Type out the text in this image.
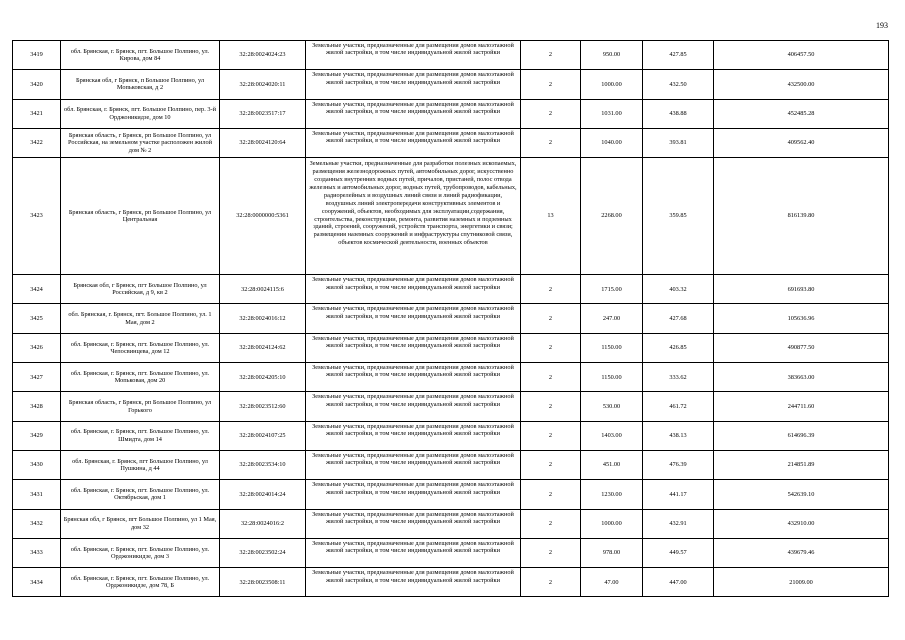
193
3419	обл. Брянская, г. Брянск, пгт. Большое Полпино, ул. Кирова, дом 84	32:28:0024024:23	Земельные участки, предназначенные для размещения домов малоэтажной жилой застройки, в том числе индивидуальной жилой застройки	2	950.00	427.85	406457.50
3420	Брянская обл, г Брянск, п Большое Полпино, ул Мопьковская, д 2	32:28:0024020:11	Земельные участки, предназначенные для размещения домов малоэтажной жилой застройки, в том числе индивидуальной жилой застройки	2	1000.00	432.50	432500.00
3421	обл. Брянская, г. Брянск, пгт. Большое Полпино, пер. 3-й Орджоникидзе, дом 10	32:28:0023517:17	Земельные участки, предназначенные для размещения домов малоэтажной жилой застройки, в том числе индивидуальной жилой застройки	2	1031.00	438.88	452485.28
3422	Брянская область, г Брянск, рп Большое Полпино, ул Российская, на земельном участке расположен жилой дом № 2	32:28:0024120:64	Земельные участки, предназначенные для размещения домов малоэтажной жилой застройки, в том числе индивидуальной жилой застройки	2	1040.00	393.81	409562.40
3423	Брянская область, г Брянск, рп Большое Полпино, ул Центральная	32:28:0000000:5361	Земельные участки, предназначенные для разработки полезных ископаемых, размещения железнодорожных путей, автомобильных дорог, искусственно созданных внутренних водных путей, причалов, пристаней, полос отвода железных и автомобильных дорог, водных путей, трубопроводов, кабельных, радиорелейных и воздушных линий связи и линий радиофикации, воздушных линий электропередачи конструктивных элементов и сооружений, объектов, необходимых для эксплуатации,содержания, строительства, реконструкции, ремонта, развития наземных и подземных зданий, строений, сооружений, устройств транспорта, энергетики и связи; размещения наземных сооружений и инфраструктуры спутниковой связи, объектов космической деятельности, военных объектов	13	2268.00	359.85	816139.80
3424	Брянская обл, г Брянск, пгт Большое Полпино, ул Российская, д 9, кв 2	32:28:0024115:6	Земельные участки, предназначенные для размещения домов малоэтажной жилой застройки, в том числе индивидуальной жилой застройки	2	1715.00	403.32	691693.80
3425	обл. Брянская, г. Брянск, пгт. Большое Полпино, ул. 1 Мая, дом 2	32:28:0024016:12	Земельные участки, предназначенные для размещения домов малоэтажной жилой застройки, в том числе индивидуальной жилой застройки	2	247.00	427.68	105636.96
3426	обл. Брянская, г. Брянск, пгт. Большое Полпино, ул. Чепосвинцева, дом 12	32:28:0024124:62	Земельные участки, предназначенные для размещения домов малоэтажной жилой застройки, в том числе индивидуальной жилой застройки	2	1150.00	426.85	490877.50
3427	обл. Брянская, г. Брянск, пгт. Большое Полпино, ул. Мопьковая, дом 20	32:28:0024205:10	Земельные участки, предназначенные для размещения домов малоэтажной жилой застройки, в том числе индивидуальной жилой застройки	2	1150.00	333.62	383663.00
3428	Брянская область, г Брянск, рп Большое Полпино, ул Горького	32:28:0023512:60	Земельные участки, предназначенные для размещения домов малоэтажной жилой застройки, в том числе индивидуальной жилой застройки	2	530.00	461.72	244711.60
3429	обл. Брянская, г. Брянск, пгт. Большое Полпино, ул. Шмидта, дом 14	32:28:0024107:25	Земельные участки, предназначенные для размещения домов малоэтажной жилой застройки, в том числе индивидуальной жилой застройки	2	1403.00	438.13	614696.39
3430	обл. Брянская, г. Брянск, пгт Большое Полпино, ул Пушкина, д 44	32:28:0023534:10	Земельные участки, предназначенные для размещения домов малоэтажной жилой застройки, в том числе индивидуальной жилой застройки	2	451.00	476.39	214851.89
3431	обл. Брянская, г. Брянск, пгт. Большое Полпино, ул. Октябрьская, дом 1	32:28:0024014:24	Земельные участки, предназначенные для размещения домов малоэтажной жилой застройки, в том числе индивидуальной жилой застройки	2	1230.00	441.17	542639.10
3432	Брянская обл, г Брянск, пгт Большое Полпино, ул 1 Мая, дом 32	32:28:0024016:2	Земельные участки, предназначенные для размещения домов малоэтажной жилой застройки, в том числе индивидуальной жилой застройки	2	1000.00	432.91	432910.00
3433	обл. Брянская, г. Брянск, пгт. Большое Полпино, ул. Орджоникидзе, дом 3	32:28:0023502:24	Земельные участки, предназначенные для размещения домов малоэтажной жилой застройки, в том числе индивидуальной жилой застройки	2	978.00	449.57	439679.46
3434	обл. Брянская, г. Брянск, пгт. Большое Полпино, ул. Орджоникидзе, дом 78, Б	32:28:0023508:11	Земельные участки, предназначенные для размещения домов малоэтажной жилой застройки, в том числе индивидуальной жилой застройки	2	47.00	447.00	21009.00
